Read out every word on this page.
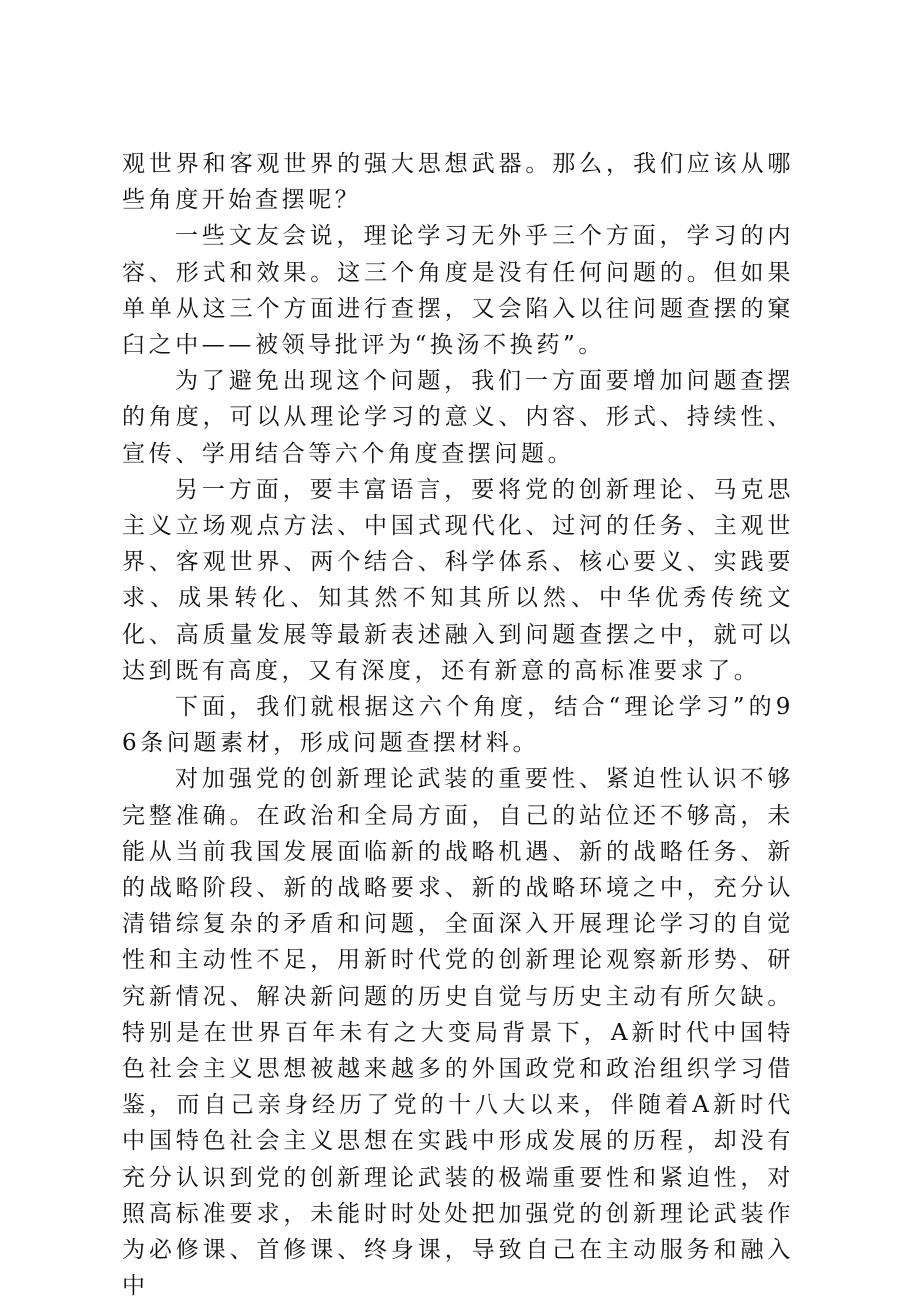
观世界和客观世界的强大思想武器。那么，我们应该从哪些角度开始查摆呢？

一些文友会说，理论学习无外乎三个方面，学习的内容、形式和效果。这三个角度是没有任何问题的。但如果单单从这三个方面进行查摆，又会陷入以往问题查摆的窠臼之中——被领导批评为“换汤不换药”。

为了避免出现这个问题，我们一方面要增加问题查摆的角度，可以从理论学习的意义、内容、形式、持续性、宣传、学用结合等六个角度查摆问题。

另一方面，要丰富语言，要将党的创新理论、马克思主义立场观点方法、中国式现代化、过河的任务、主观世界、客观世界、两个结合、科学体系、核心要义、实践要求、成果转化、知其然不知其所以然、中华优秀传统文化、高质量发展等最新表述融入到问题查摆之中，就可以达到既有高度，又有深度，还有新意的高标准要求了。

下面，我们就根据这六个角度，结合“理论学习”的96条问题素材，形成问题查摆材料。

对加强党的创新理论武装的重要性、紧迫性认识不够完整准确。在政治和全局方面，自己的站位还不够高，未能从当前我国发展面临新的战略机遇、新的战略任务、新的战略阶段、新的战略要求、新的战略环境之中，充分认清错综复杂的矛盾和问题，全面深入开展理论学习的自觉性和主动性不足，用新时代党的创新理论观察新形势、研究新情况、解决新问题的历史自觉与历史主动有所欠缺。特别是在世界百年未有之大变局背景下，A新时代中国特色社会主义思想被越来越多的外国政党和政治组织学习借鉴，而自己亲身经历了党的十八大以来，伴随着A新时代中国特色社会主义思想在实践中形成发展的历程，却没有充分认识到党的创新理论武装的极端重要性和紧迫性，对照高标准要求，未能时时处处把加强党的创新理论武装作为必修课、首修课、终身课，导致自己在主动服务和融入中
